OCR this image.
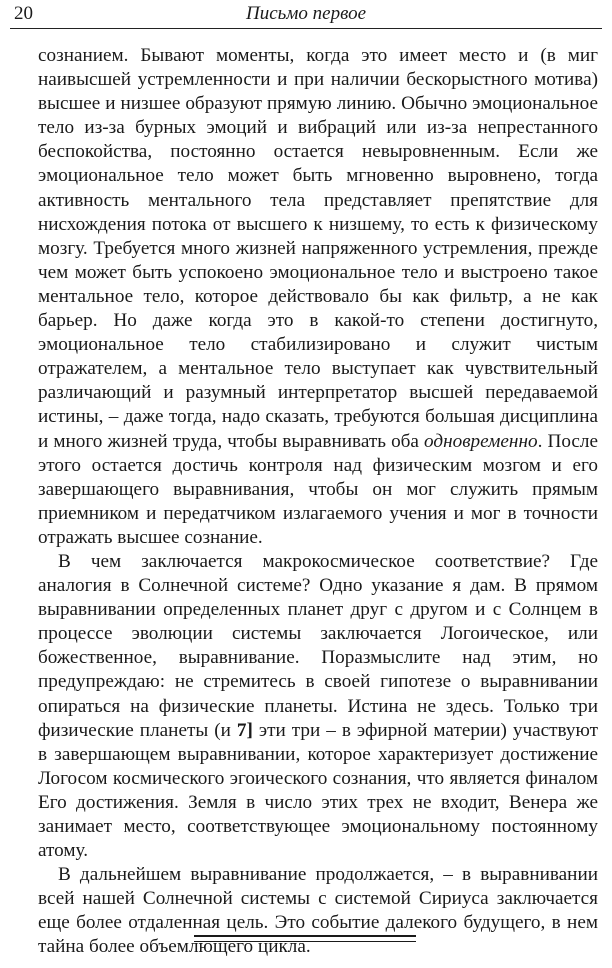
20	Письмо первое

сознанием. Бывают моменты, когда это имеет место и (в миг наивысшей устремленности и при наличии бескорыстного мотива) высшее и низшее образуют прямую линию. Обычно эмоциональное тело из-за бурных эмоций и вибраций или из-за непрестанного беспокойства, постоянно остается невыровненным. Если же эмоциональное тело может быть мгновенно выровнено, тогда активность ментального тела представляет препятствие для нисхождения потока от высшего к низшему, то есть к физическому мозгу. Требуется много жизней напряженного устремления, прежде чем может быть успокоено эмоциональное тело и выстроено такое ментальное тело, которое действовало бы как фильтр, а не как барьер. Но даже когда это в какой-то степени достигнуто, эмоциональное тело стабилизировано и служит чистым отражателем, а ментальное тело выступает как чувствительный различающий и разумный интерпретатор высшей передаваемой истины, – даже тогда, надо сказать, требуются большая дисциплина и много жизней труда, чтобы выравнивать оба одновременно. После этого остается достичь контроля над физическим мозгом и его завершающего выравнивания, чтобы он мог служить прямым приемником и передатчиком излагаемого учения и мог в точности отражать высшее сознание.

В чем заключается макрокосмическое соответствие? Где аналогия в Солнечной системе? Одно указание я дам. В прямом выравнивании определенных планет друг с другом и с Солнцем в процессе эволюции системы заключается Логоическое, или божественное, выравнивание. Поразмыслите над этим, но предупреждаю: не стремитесь в своей гипотезе о выравнивании опираться на физические планеты. Истина не здесь. Только три физические планеты (и 7] эти три – в эфирной материи) участвуют в завершающем выравнивании, которое характеризует достижение Логосом космического эгоического сознания, что является финалом Его достижения. Земля в число этих трех не входит, Венера же занимает место, соответствующее эмоциональному постоянному атому.

В дальнейшем выравнивание продолжается, – в выравнивании всей нашей Солнечной системы с системой Сириуса заключается еще более отдаленная цель. Это событие далекого будущего, в нем тайна более объемлющего цикла.
